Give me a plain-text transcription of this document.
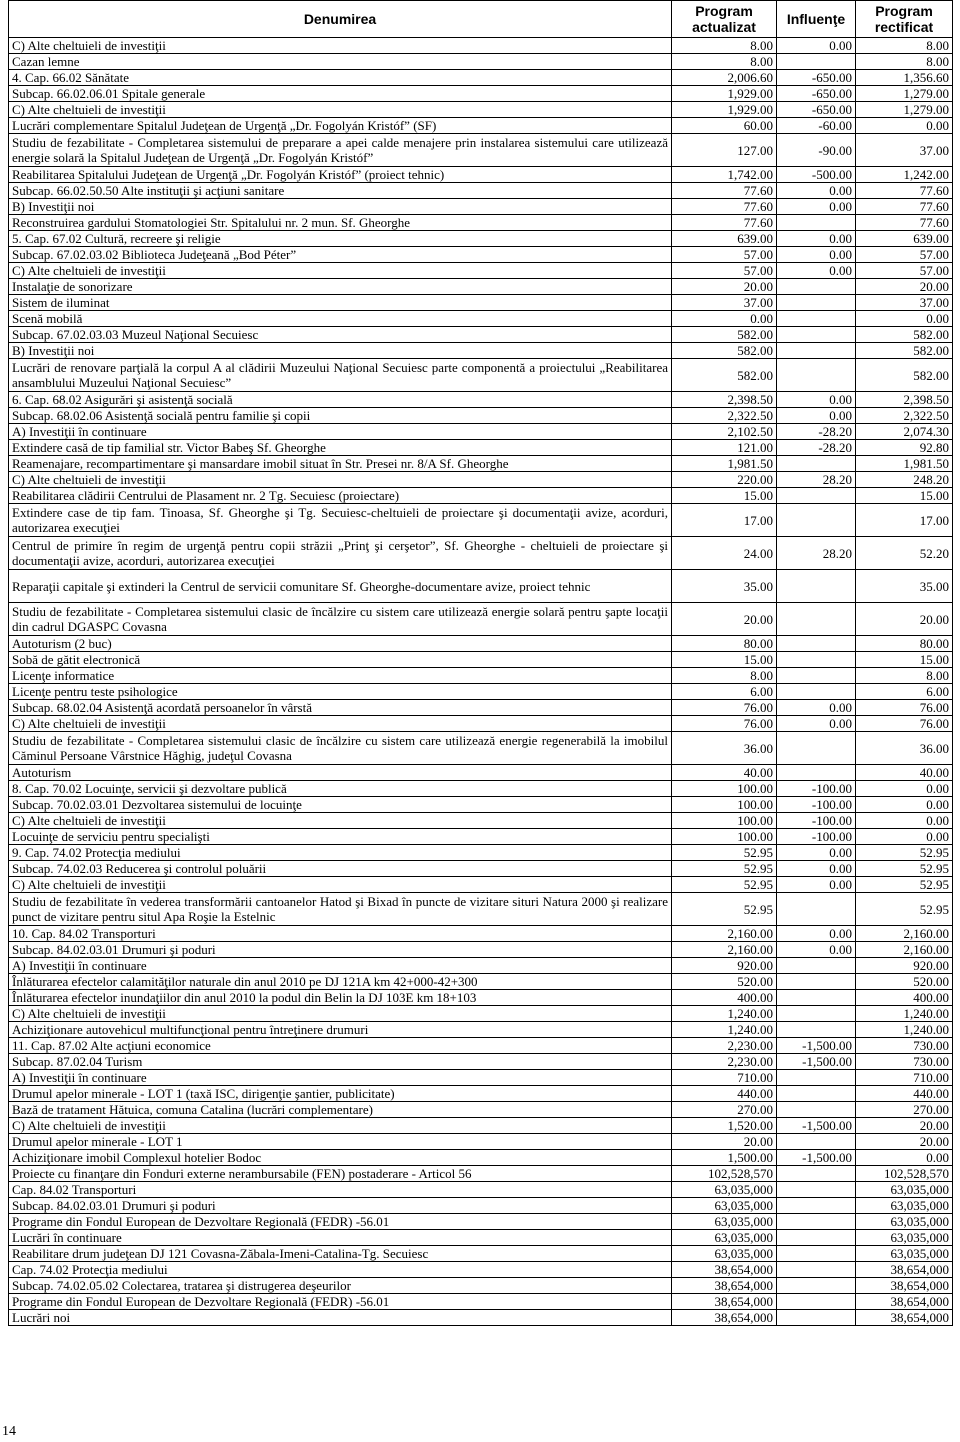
Denumirea	Program actualizat	Influenţe	Program rectificat
C) Alte cheltuieli de investiţii	8.00	0.00	8.00
Cazan lemne	8.00		8.00
4. Cap. 66.02 Sănătate	2,006.60	-650.00	1,356.60
Subcap. 66.02.06.01 Spitale generale	1,929.00	-650.00	1,279.00
C) Alte cheltuieli de investiţii	1,929.00	-650.00	1,279.00
Lucrări complementare Spitalul Judeţean de Urgenţă „Dr. Fogolyán Kristóf” (SF)	60.00	-60.00	0.00
Studiu de fezabilitate - Completarea sistemului de preparare a apei calde menajere prin instalarea sistemului care utilizează energie solară la Spitalul Judeţean de Urgenţă „Dr. Fogolyán Kristóf”	127.00	-90.00	37.00
Reabilitarea Spitalului Judeţean de Urgenţă „Dr. Fogolyán Kristóf” (proiect tehnic)	1,742.00	-500.00	1,242.00
Subcap. 66.02.50.50 Alte instituţii şi acţiuni sanitare	77.60	0.00	77.60
B) Investiţii noi	77.60	0.00	77.60
Reconstruirea gardului Stomatologiei Str. Spitalului nr. 2 mun. Sf. Gheorghe	77.60		77.60
5. Cap. 67.02 Cultură, recreere şi religie	639.00	0.00	639.00
Subcap. 67.02.03.02 Biblioteca Judeţeană „Bod Péter”	57.00	0.00	57.00
C) Alte cheltuieli de investiţii	57.00	0.00	57.00
Instalaţie de sonorizare	20.00		20.00
Sistem de iluminat	37.00		37.00
Scenă mobilă	0.00		0.00
Subcap. 67.02.03.03 Muzeul Naţional Secuiesc	582.00		582.00
B) Investiţii noi	582.00		582.00
Lucrări de renovare parţială la corpul A al clădirii Muzeului Naţional Secuiesc parte componentă a proiectului „Reabilitarea ansamblului Muzeului Naţional Secuiesc”	582.00		582.00
6. Cap. 68.02 Asigurări şi asistenţă socială	2,398.50	0.00	2,398.50
Subcap. 68.02.06 Asistenţă socială pentru familie şi copii	2,322.50	0.00	2,322.50
A) Investiţii în continuare	2,102.50	-28.20	2,074.30
Extindere casă de tip familial str. Victor Babeş Sf. Gheorghe	121.00	-28.20	92.80
Reamenajare, recompartimentare şi mansardare imobil situat în Str. Presei nr. 8/A Sf. Gheorghe	1,981.50		1,981.50
C) Alte cheltuieli de investiţii	220.00	28.20	248.20
Reabilitarea clădirii Centrului de Plasament nr. 2 Tg. Secuiesc (proiectare)	15.00		15.00
Extindere case de tip fam. Tinoasa, Sf. Gheorghe şi Tg. Secuiesc-cheltuieli de proiectare şi documentaţii avize, acorduri, autorizarea execuţiei	17.00		17.00
Centrul de primire în regim de urgenţă pentru copii străzii „Prinţ şi cerşetor”, Sf. Gheorghe - cheltuieli de proiectare şi documentaţii avize, acorduri, autorizarea execuţiei	24.00	28.20	52.20
Reparaţii capitale şi extinderi la Centrul de servicii comunitare Sf. Gheorghe-documentare avize, proiect tehnic	35.00		35.00
Studiu de fezabilitate - Completarea sistemului clasic de încălzire cu sistem care utilizează energie solară pentru şapte locaţii din cadrul DGASPC Covasna	20.00		20.00
Autoturism (2 buc)	80.00		80.00
Sobă de gătit electronică	15.00		15.00
Licenţe informatice	8.00		8.00
Licenţe pentru teste psihologice	6.00		6.00
Subcap. 68.02.04 Asistenţă acordată persoanelor în vârstă	76.00	0.00	76.00
C) Alte cheltuieli de investiţii	76.00	0.00	76.00
Studiu de fezabilitate - Completarea sistemului clasic de încălzire cu sistem care utilizează energie regenerabilă la imobilul Căminul Persoane Vârstnice Hăghig, judeţul Covasna	36.00		36.00
Autoturism	40.00		40.00
8. Cap. 70.02 Locuinţe, servicii şi dezvoltare publică	100.00	-100.00	0.00
Subcap. 70.02.03.01 Dezvoltarea sistemului de locuinţe	100.00	-100.00	0.00
C) Alte cheltuieli de investiţii	100.00	-100.00	0.00
Locuinţe de serviciu pentru specialişti	100.00	-100.00	0.00
9. Cap. 74.02 Protecţia mediului	52.95	0.00	52.95
Subcap. 74.02.03 Reducerea şi controlul poluării	52.95	0.00	52.95
C) Alte cheltuieli de investiţii	52.95	0.00	52.95
Studiu de fezabilitate în vederea transformării cantoanelor Hatod şi Bixad în puncte de vizitare situri Natura 2000 şi realizare punct de vizitare pentru situl Apa Roşie la Estelnic	52.95		52.95
10. Cap. 84.02 Transporturi	2,160.00	0.00	2,160.00
Subcap. 84.02.03.01 Drumuri şi poduri	2,160.00	0.00	2,160.00
A) Investiţii în continuare	920.00		920.00
Înlăturarea efectelor calamităţilor naturale din anul 2010 pe DJ 121A km 42+000-42+300	520.00		520.00
Înlăturarea efectelor inundaţiilor din anul 2010 la podul din Belin la DJ 103E km 18+103	400.00		400.00
C) Alte cheltuieli de investiţii	1,240.00		1,240.00
Achiziţionare autovehicul multifuncţional pentru întreţinere drumuri	1,240.00		1,240.00
11. Cap. 87.02 Alte acţiuni economice	2,230.00	-1,500.00	730.00
Subcap. 87.02.04 Turism	2,230.00	-1,500.00	730.00
A) Investiţii în continuare	710.00		710.00
Drumul apelor minerale - LOT 1 (taxă ISC, dirigenţie şantier, publicitate)	440.00		440.00
Bază de tratament Hătuica, comuna Catalina (lucrări complementare)	270.00		270.00
C) Alte cheltuieli de investiţii	1,520.00	-1,500.00	20.00
Drumul apelor minerale - LOT 1	20.00		20.00
Achiziţionare imobil Complexul hotelier Bodoc	1,500.00	-1,500.00	0.00
Proiecte cu finanţare din Fonduri externe nerambursabile (FEN) postaderare - Articol 56	102,528,570		102,528,570
Cap. 84.02 Transporturi	63,035,000		63,035,000
Subcap. 84.02.03.01 Drumuri şi poduri	63,035,000		63,035,000
Programe din Fondul European de Dezvoltare Regională (FEDR) -56.01	63,035,000		63,035,000
Lucrări în continuare	63,035,000		63,035,000
Reabilitare drum judeţean DJ 121 Covasna-Zăbala-Imeni-Catalina-Tg. Secuiesc	63,035,000		63,035,000
Cap. 74.02 Protecţia mediului	38,654,000		38,654,000
Subcap. 74.02.05.02 Colectarea, tratarea şi distrugerea deşeurilor	38,654,000		38,654,000
Programe din Fondul European de Dezvoltare Regională (FEDR) -56.01	38,654,000		38,654,000
Lucrări noi	38,654,000		38,654,000
14
